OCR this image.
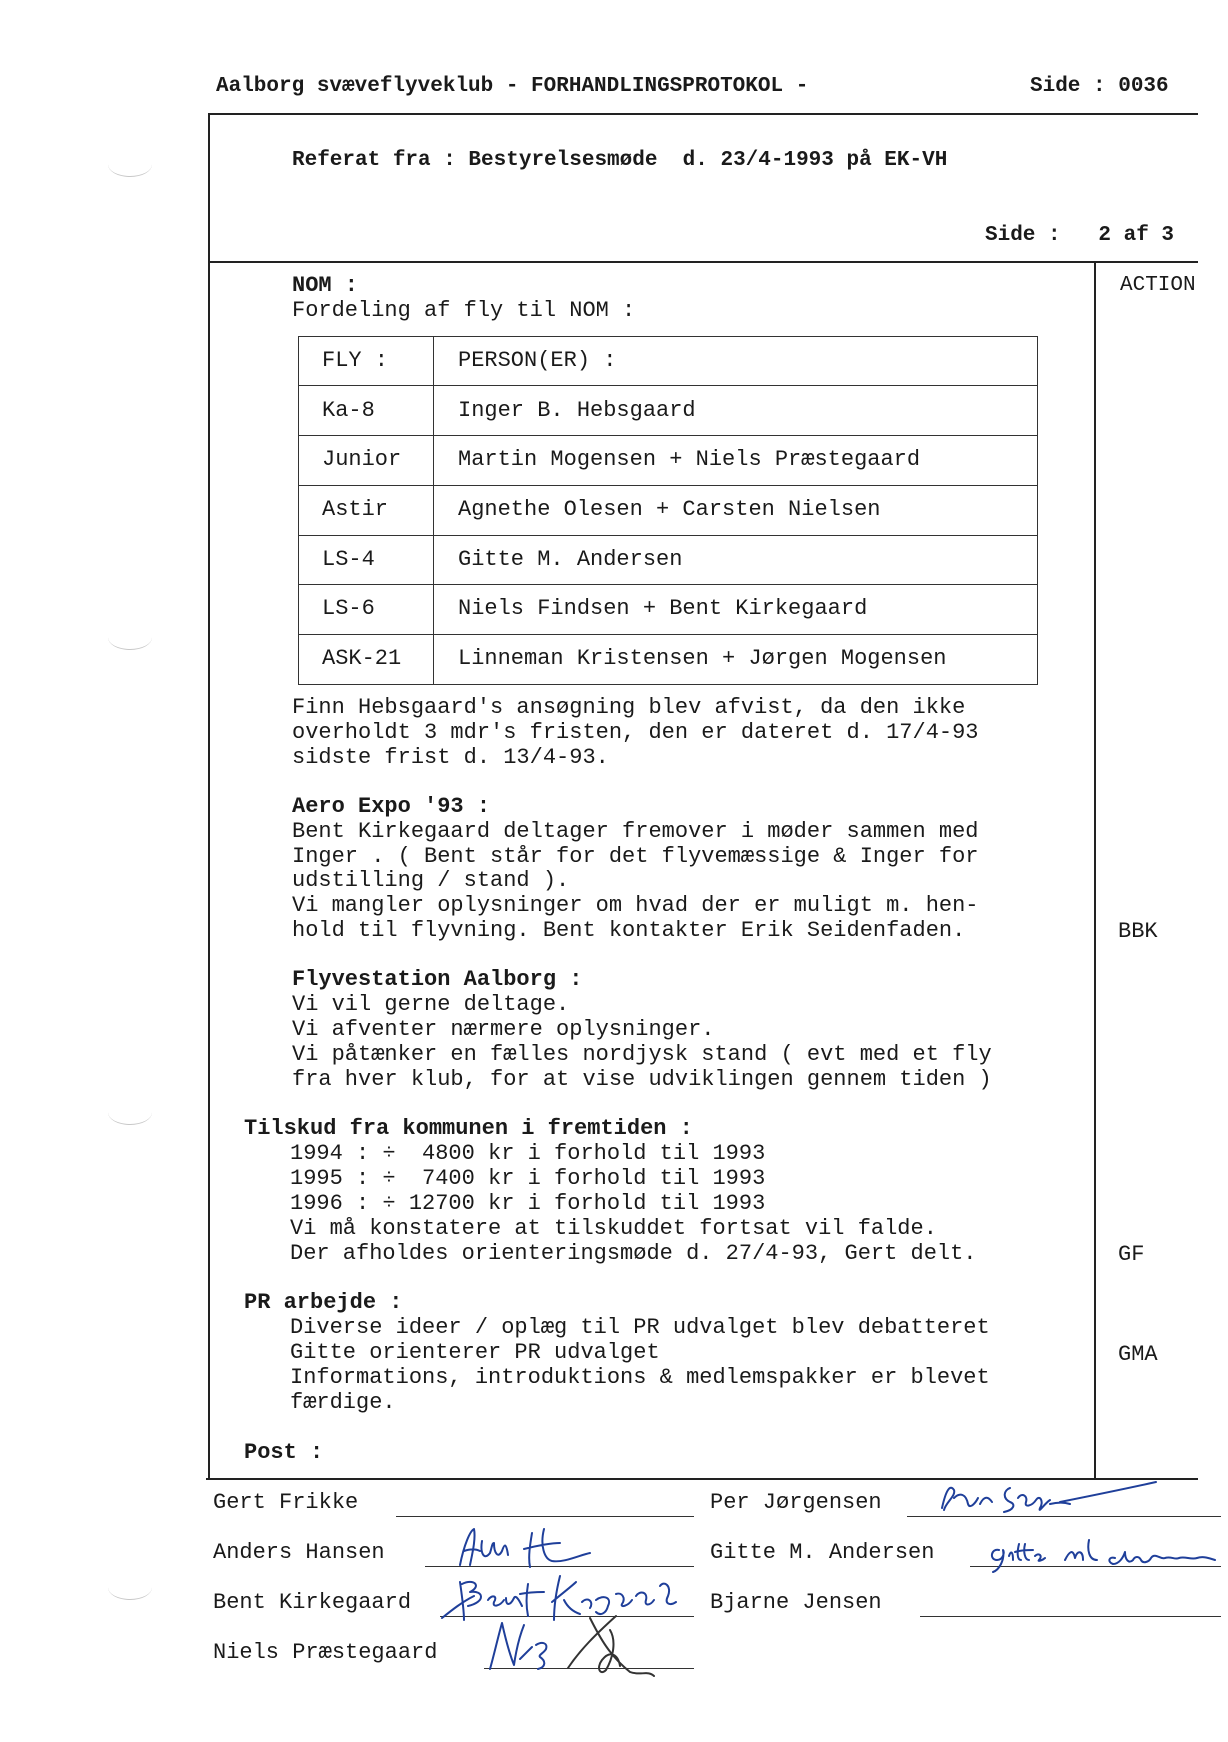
Aalborg svæveflyveklub - FORHANDLINGSPROTOKOL -	Side : 0036
Referat fra : Bestyrelsesmøde  d. 23/4-1993 på EK-VH
Side :   2 af 3
ACTION
NOM :
Fordeling af fly til NOM :
FLY :	PERSON(ER) :
Ka-8	Inger B. Hebsgaard
Junior	Martin Mogensen + Niels Præstegaard
Astir	Agnethe Olesen + Carsten Nielsen
LS-4	Gitte M. Andersen
LS-6	Niels Findsen + Bent Kirkegaard
ASK-21	Linneman Kristensen + Jørgen Mogensen
Finn Hebsgaard's ansøgning blev afvist, da den ikke
overholdt 3 mdr's fristen, den er dateret d. 17/4-93
sidste frist d. 13/4-93.
Aero Expo '93 :
Bent Kirkegaard deltager fremover i møder sammen med
Inger . ( Bent står for det flyvemæssige & Inger for
udstilling / stand ).
Vi mangler oplysninger om hvad der er muligt m. hen-
hold til flyvning. Bent kontakter Erik Seidenfaden.	BBK
Flyvestation Aalborg :
Vi vil gerne deltage.
Vi afventer nærmere oplysninger.
Vi påtænker en fælles nordjysk stand ( evt med et fly
fra hver klub, for at vise udviklingen gennem tiden )
Tilskud fra kommunen i fremtiden :
1994 : ÷  4800 kr i forhold til 1993
1995 : ÷  7400 kr i forhold til 1993
1996 : ÷ 12700 kr i forhold til 1993
Vi må konstatere at tilskuddet fortsat vil falde.
Der afholdes orienteringsmøde d. 27/4-93, Gert delt.	GF
PR arbejde :
Diverse ideer / oplæg til PR udvalget blev debatteret
Gitte orienterer PR udvalget
Informations, introduktions & medlemspakker er blevet
færdige.
GMA
Post :
Gert Frikke
Anders Hansen
Bent Kirkegaard
Niels Præstegaard
Per Jørgensen
Gitte M. Andersen
Bjarne Jensen
